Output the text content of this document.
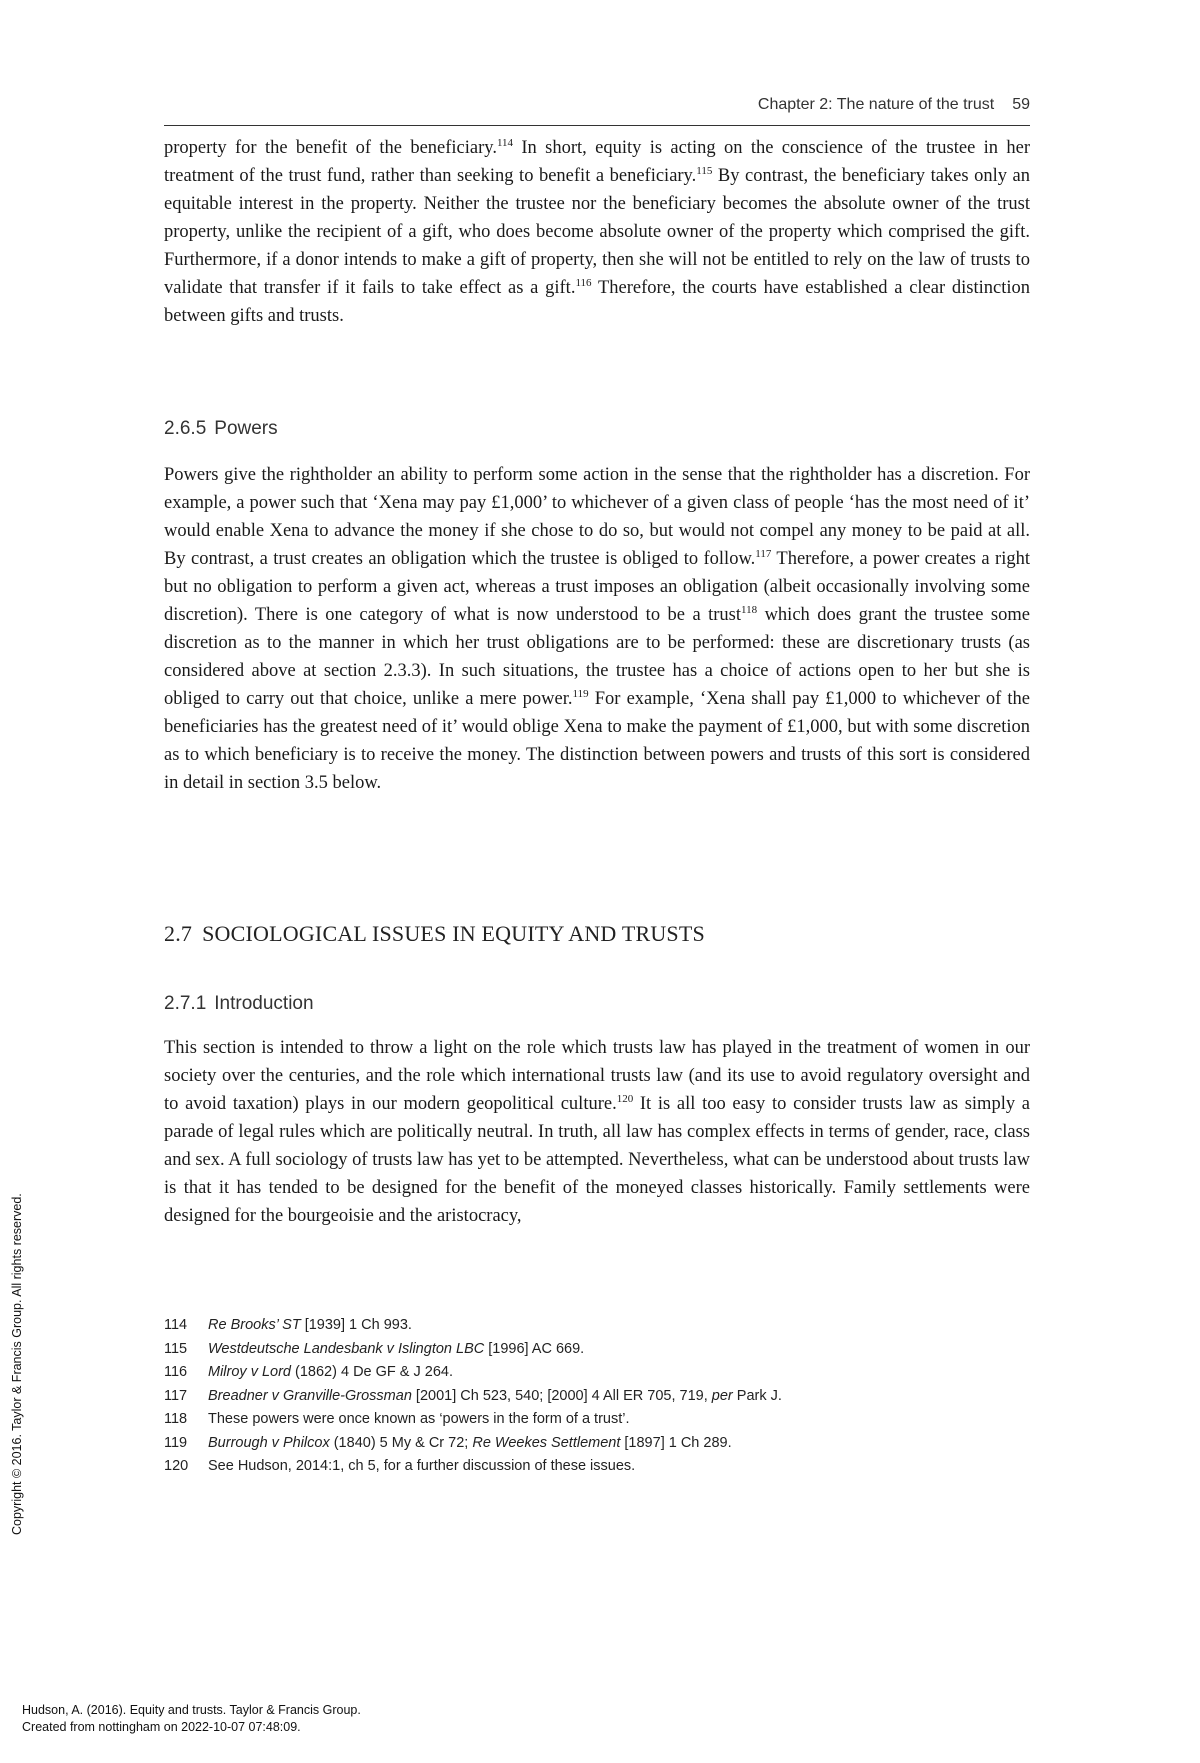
Chapter 2: The nature of the trust 59

property for the benefit of the beneficiary.$^{114}$ In short, equity is acting on the conscience of the trustee in her treatment of the trust fund, rather than seeking to benefit a beneficiary.$^{115}$ By contrast, the beneficiary takes only an equitable interest in the property. Neither the trustee nor the beneficiary becomes the absolute owner of the trust property, unlike the recipient of a gift, who does become absolute owner of the property which comprised the gift. Furthermore, if a donor intends to make a gift of property, then she will not be entitled to rely on the law of trusts to validate that transfer if it fails to take effect as a gift.$^{116}$ Therefore, the courts have established a clear distinction between gifts and trusts.

2.6.5 Powers

Powers give the rightholder an ability to perform some action in the sense that the rightholder has a discretion. For example, a power such that ‘Xena may pay £1,000’ to whichever of a given class of people ‘has the most need of it’ would enable Xena to advance the money if she chose to do so, but would not compel any money to be paid at all. By contrast, a trust creates an obligation which the trustee is obliged to follow.$^{117}$ Therefore, a power creates a right but no obligation to perform a given act, whereas a trust imposes an obligation (albeit occasionally involving some discretion). There is one category of what is now understood to be a trust$^{118}$ which does grant the trustee some discretion as to the manner in which her trust obligations are to be performed: these are discretionary trusts (as considered above at section 2.3.3). In such situations, the trustee has a choice of actions open to her but she is obliged to carry out that choice, unlike a mere power.$^{119}$ For example, ‘Xena shall pay £1,000 to whichever of the beneficiaries has the greatest need of it’ would oblige Xena to make the payment of £1,000, but with some discretion as to which beneficiary is to receive the money. The distinction between powers and trusts of this sort is considered in detail in section 3.5 below.

2.7 SOCIOLOGICAL ISSUES IN EQUITY AND TRUSTS
2.7.1 Introduction

This section is intended to throw a light on the role which trusts law has played in the treatment of women in our society over the centuries, and the role which international trusts law (and its use to avoid regulatory oversight and to avoid taxation) plays in our modern geopolitical culture.$^{120}$ It is all too easy to consider trusts law as simply a parade of legal rules which are politically neutral. In truth, all law has complex effects in terms of gender, race, class and sex. A full sociology of trusts law has yet to be attempted. Nevertheless, what can be understood about trusts law is that it has tended to be designed for the benefit of the moneyed classes historically. Family settlements were designed for the bourgeoisie and the aristocracy,

114	Re Brooks’ ST [1939] 1 Ch 993.
115	Westdeutsche Landesbank v Islington LBC [1996] AC 669.
116	Milroy v Lord (1862) 4 De GF & J 264.
117	Breadner v Granville-Grossman [2001] Ch 523, 540; [2000] 4 All ER 705, 719, per Park J.
118	These powers were once known as ‘powers in the form of a trust’.
119	Burrough v Philcox (1840) 5 My & Cr 72; Re Weekes Settlement [1897] 1 Ch 289.
120	See Hudson, 2014:1, ch 5, for a further discussion of these issues.
Copyright © 2016. Taylor & Francis Group. All rights reserved.
Hudson, A. (2016). Equity and trusts. Taylor & Francis Group.
Created from nottingham on 2022-10-07 07:48:09.
